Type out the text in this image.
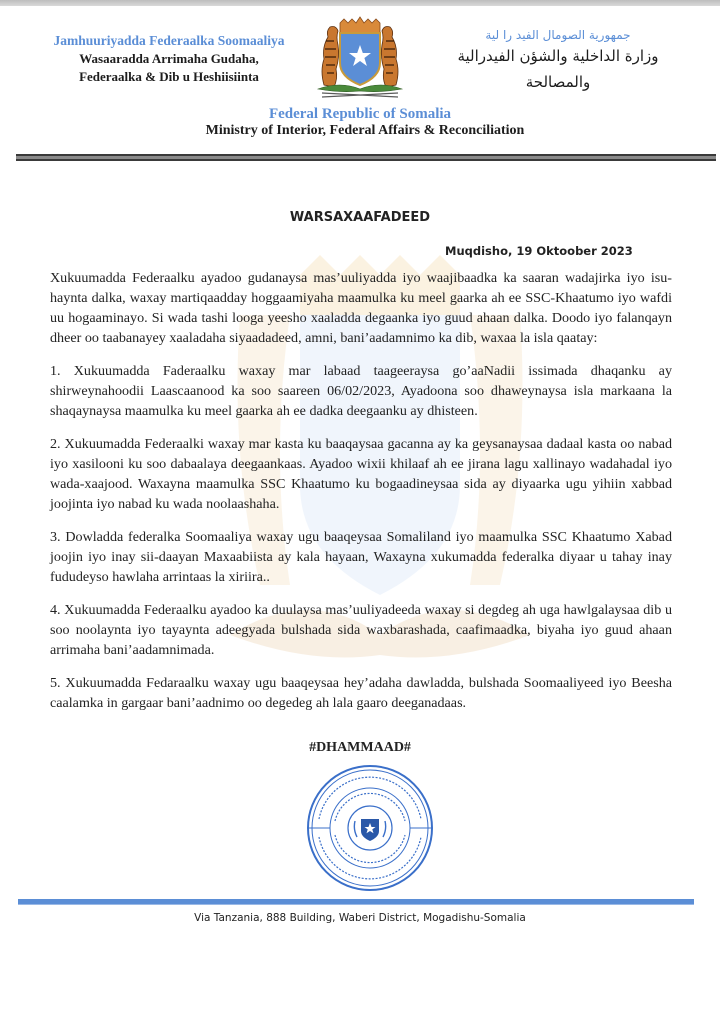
Jamhuuriyadda Federaalka Soomaaliya
Wasaaradda Arrimaha Gudaha,
Federaalka & Dib u Heshiisiinta
جمهورية الصومال الفيد را لية
وزارة الداخلية والشؤن الفيدرالية
والمصالحة
Federal Republic of Somalia
Ministry of Interior, Federal Affairs & Reconciliation
WARSAXAAFADEED
Muqdisho, 19 Oktoober 2023

Xukuumadda Federaalku ayadoo gudanaysa mas’uuliyadda iyo waajibaadka ka saaran wadajirka iyo isu-haynta dalka, waxay martiqaadday hoggaamiyaha maamulka ku meel gaarka ah ee SSC-Khaatumo iyo wafdi uu hogaaminayo. Si wada tashi looga yeesho xaaladda degaanka iyo guud ahaan dalka. Doodo iyo falanqayn dheer oo taabanayey xaaladaha siyaadadeed, amni, bani’aadamnimo ka dib, waxaa la isla qaatay:

1. Xukuumadda Faderaalku waxay mar labaad taageeraysa go’aaNadii issimada dhaqanku ay shirweynahoodii Laascaanood ka soo saareen 06/02/2023, Ayadoona soo dhaweynaysa isla markaana la shaqaynaysa maamulka ku meel gaarka ah ee dadka deegaanku ay dhisteen.

2. Xukuumadda Federaalki waxay mar kasta ku baaqaysaa gacanna ay ka geysanaysaa dadaal kasta oo nabad iyo xasilooni ku soo dabaalaya deegaankaas. Ayadoo wixii khilaaf ah ee jirana lagu xallinayo wadahadal iyo wada-xaajood. Waxayna maamulka SSC Khaatumo ku bogaadineysaa sida ay diyaarka ugu yihiin xabbad joojinta iyo nabad ku wada noolaashaha.

3. Dowladda federalka Soomaaliya waxay ugu baaqeysaa Somaliland iyo maamulka SSC Khaatumo Xabad joojin iyo inay sii-daayan Maxaabiista ay kala hayaan, Waxayna xukumadda federalka diyaar u tahay inay fududeyso hawlaha arrintaas la xiriira..

4. Xukuumadda Federaalku ayadoo ka duulaysa mas’uuliyadeeda waxay si degdeg ah uga hawlgalaysaa dib u soo noolaynta iyo tayaynta adeegyada bulshada sida waxbarashada, caafimaadka, biyaha iyo guud ahaan arrimaha bani’aadamnimada.

5. Xukuumadda Fedaraalku waxay ugu baaqeysaa hey’adaha dawladda, bulshada Soomaaliyeed iyo Beesha caalamka in gargaar bani’aadnimo oo degedeg ah lala gaaro deeganadaas.

#DHAMMAAD#
Via Tanzania, 888 Building, Waberi District, Mogadishu-Somalia
